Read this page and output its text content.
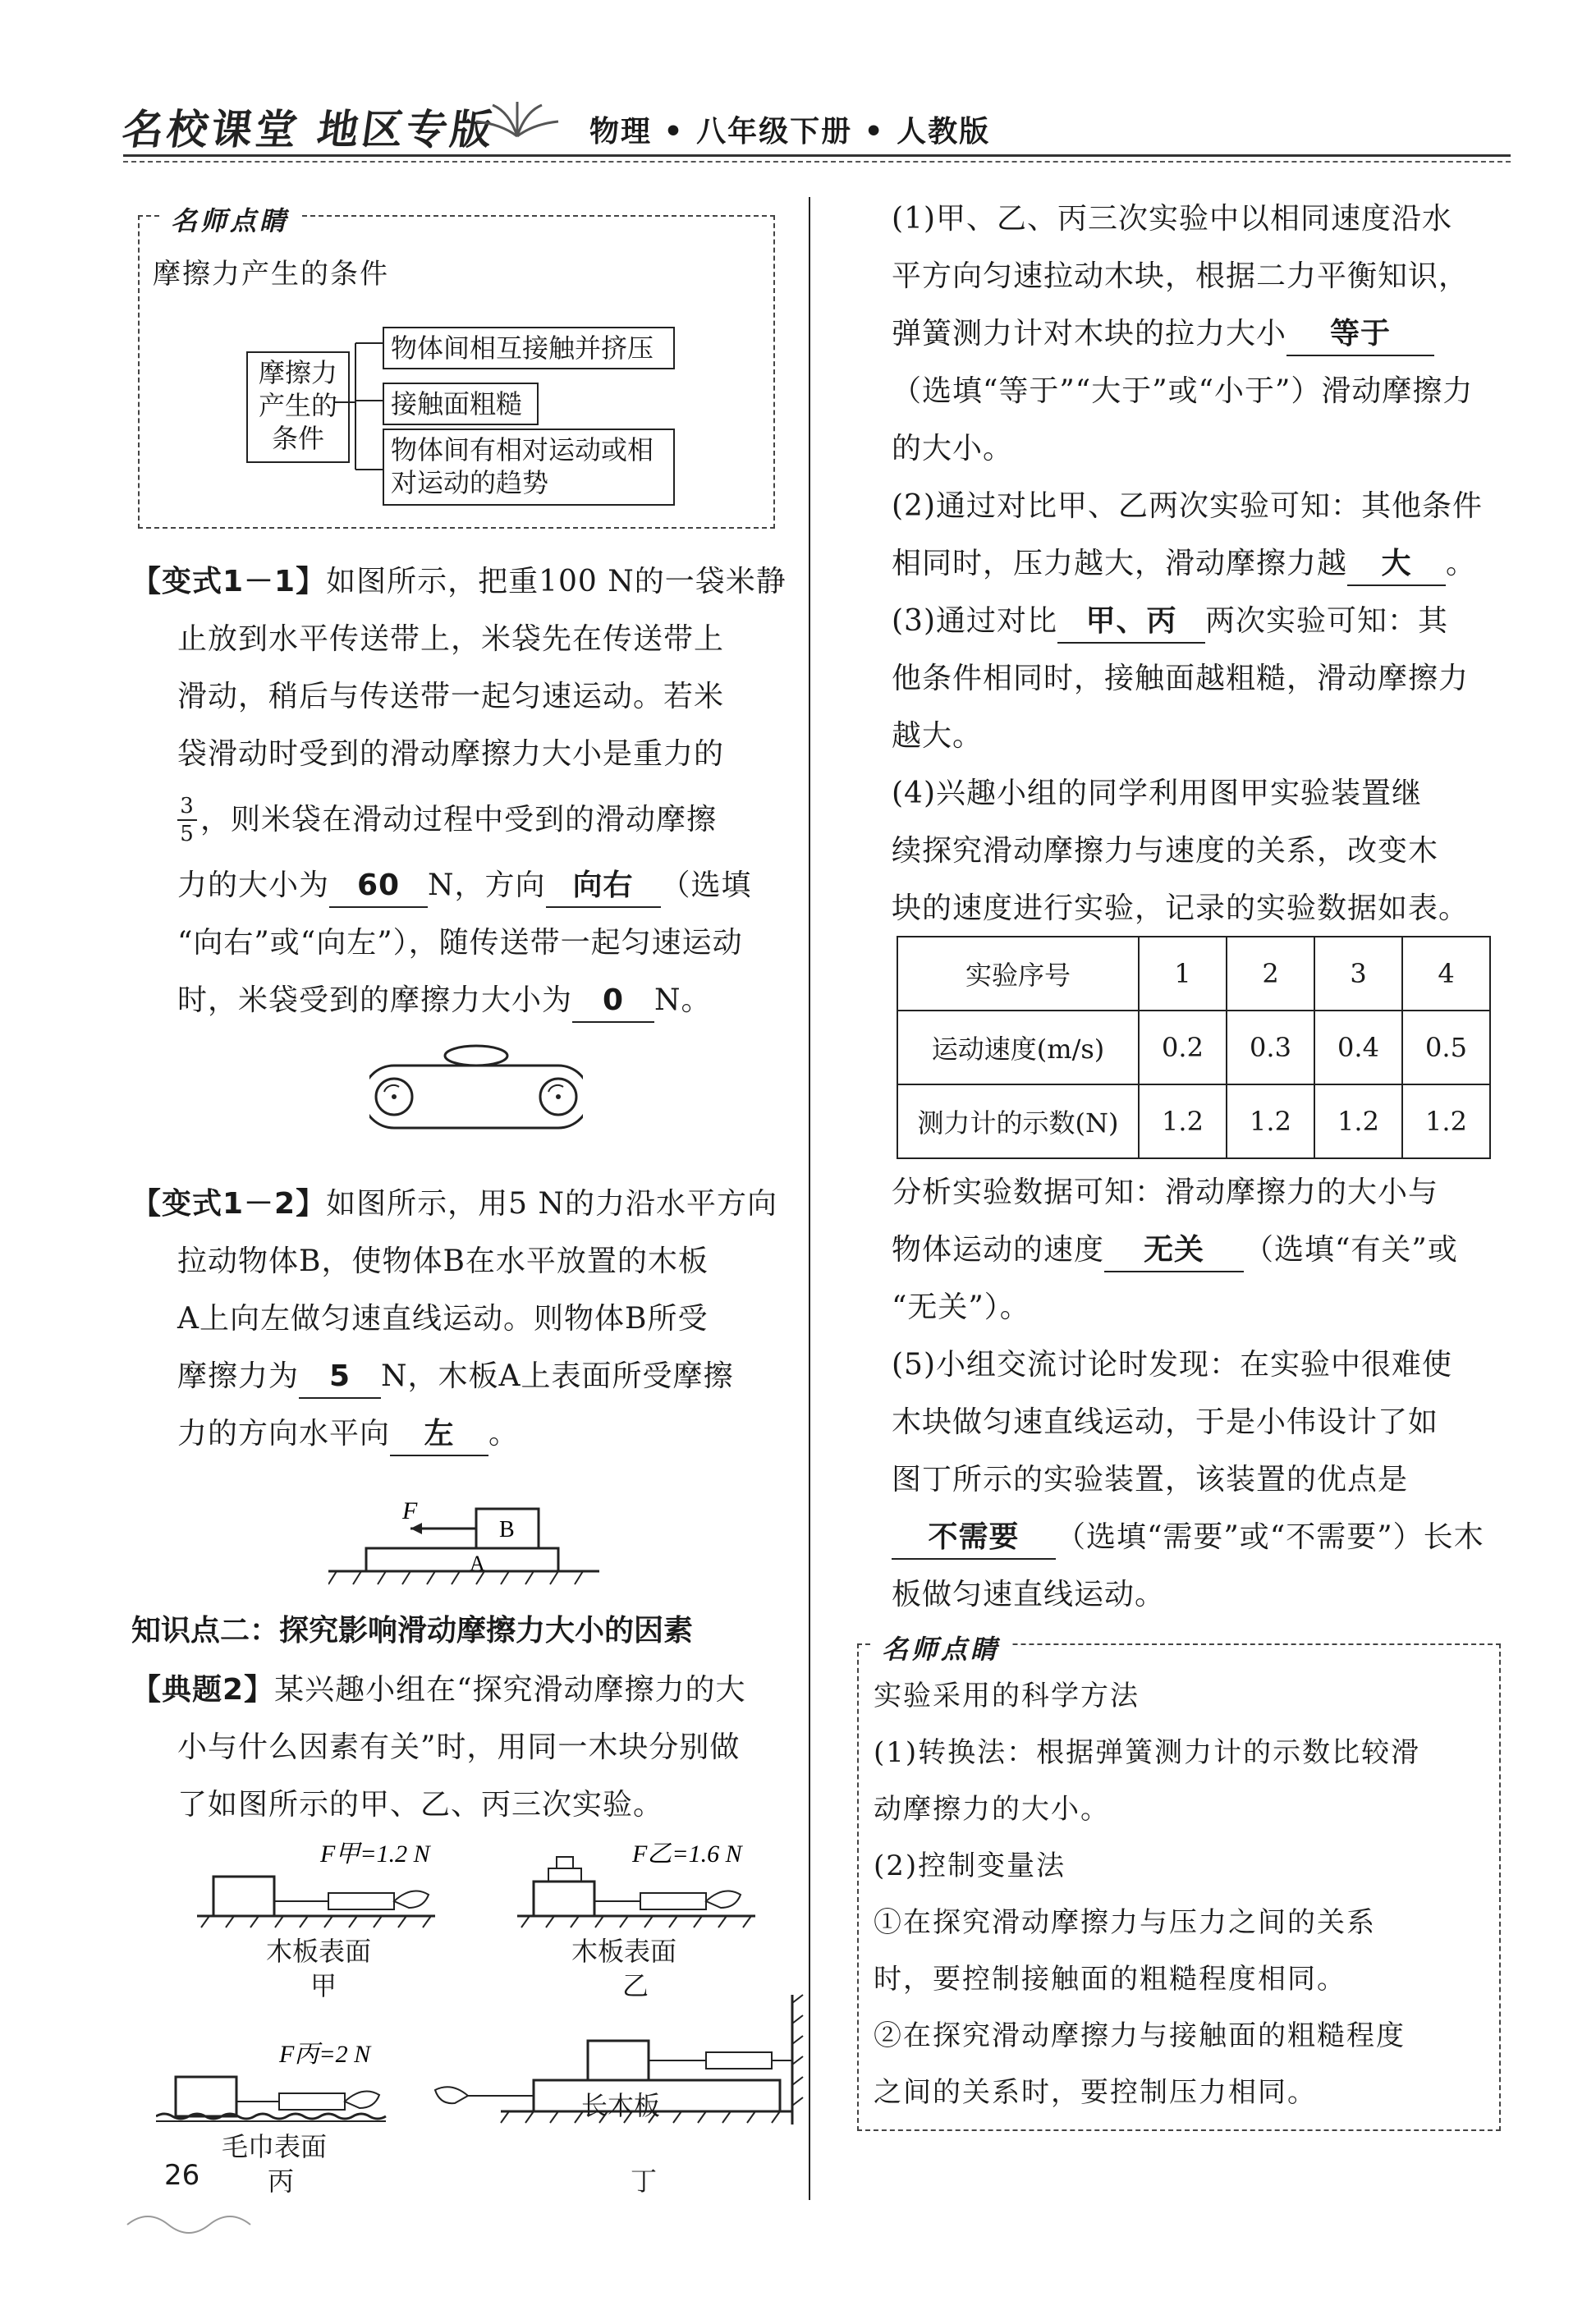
名校课堂 地区专版	物理 • 八年级下册 • 人教版
名师点睛
摩擦力产生的条件
摩擦力产生的条件
物体间相互接触并挤压
接触面粗糙
物体间有相对运动或相对运动的趋势
【变式1－1】如图所示，把重100 N的一袋米静
止放到水平传送带上，米袋先在传送带上
滑动，稍后与传送带一起匀速运动。若米
袋滑动时受到的滑动摩擦力大小是重力的
$\frac{3}{5}$ ，则米袋在滑动过程中受到的滑动摩擦
力的大小为 60 N，方向 向右 （选填
“向右”或“向左”），随传送带一起匀速运动
时，米袋受到的摩擦力大小为 0 N。
【变式1－2】如图所示，用5 N的力沿水平方向
拉动物体B，使物体B在水平放置的木板
A上向左做匀速直线运动。则物体B所受
摩擦力为 5 N，木板A上表面所受摩擦
力的方向水平向 左 。
F
B
A
知识点二：探究影响滑动摩擦力大小的因素
【典题2】某兴趣小组在“探究滑动摩擦力的大
小与什么因素有关”时，用同一木块分别做
了如图所示的甲、乙、丙三次实验。
F甲=1.2 N
木板表面
甲
F乙=1.6 N
木板表面
乙
F丙=2 N
毛巾表面
丙
长木板
丁
(1)甲、乙、丙三次实验中以相同速度沿水
平方向匀速拉动木块，根据二力平衡知识，
弹簧测力计对木块的拉力大小 等于
（选填“等于”“大于”或“小于”）滑动摩擦力
的大小。
(2)通过对比甲、乙两次实验可知：其他条件
相同时，压力越大，滑动摩擦力越 大 。
(3)通过对比 甲、丙 两次实验可知：其
他条件相同时，接触面越粗糙，滑动摩擦力
越大。
(4)兴趣小组的同学利用图甲实验装置继
续探究滑动摩擦力与速度的关系，改变木
块的速度进行实验，记录的实验数据如表。
实验序号	1	2	3	4
运动速度(m/s)	0.2	0.3	0.4	0.5
测力计的示数(N)	1.2	1.2	1.2	1.2
分析实验数据可知：滑动摩擦力的大小与
物体运动的速度 无关 （选填“有关”或
“无关”）。
(5)小组交流讨论时发现：在实验中很难使
木块做匀速直线运动，于是小伟设计了如
图丁所示的实验装置，该装置的优点是
不需要 （选填“需要”或“不需要”）长木
板做匀速直线运动。
名师点睛
实验采用的科学方法
(1)转换法：根据弹簧测力计的示数比较滑
动摩擦力的大小。
(2)控制变量法
①在探究滑动摩擦力与压力之间的关系
时，要控制接触面的粗糙程度相同。
②在探究滑动摩擦力与接触面的粗糙程度
之间的关系时，要控制压力相同。
26
